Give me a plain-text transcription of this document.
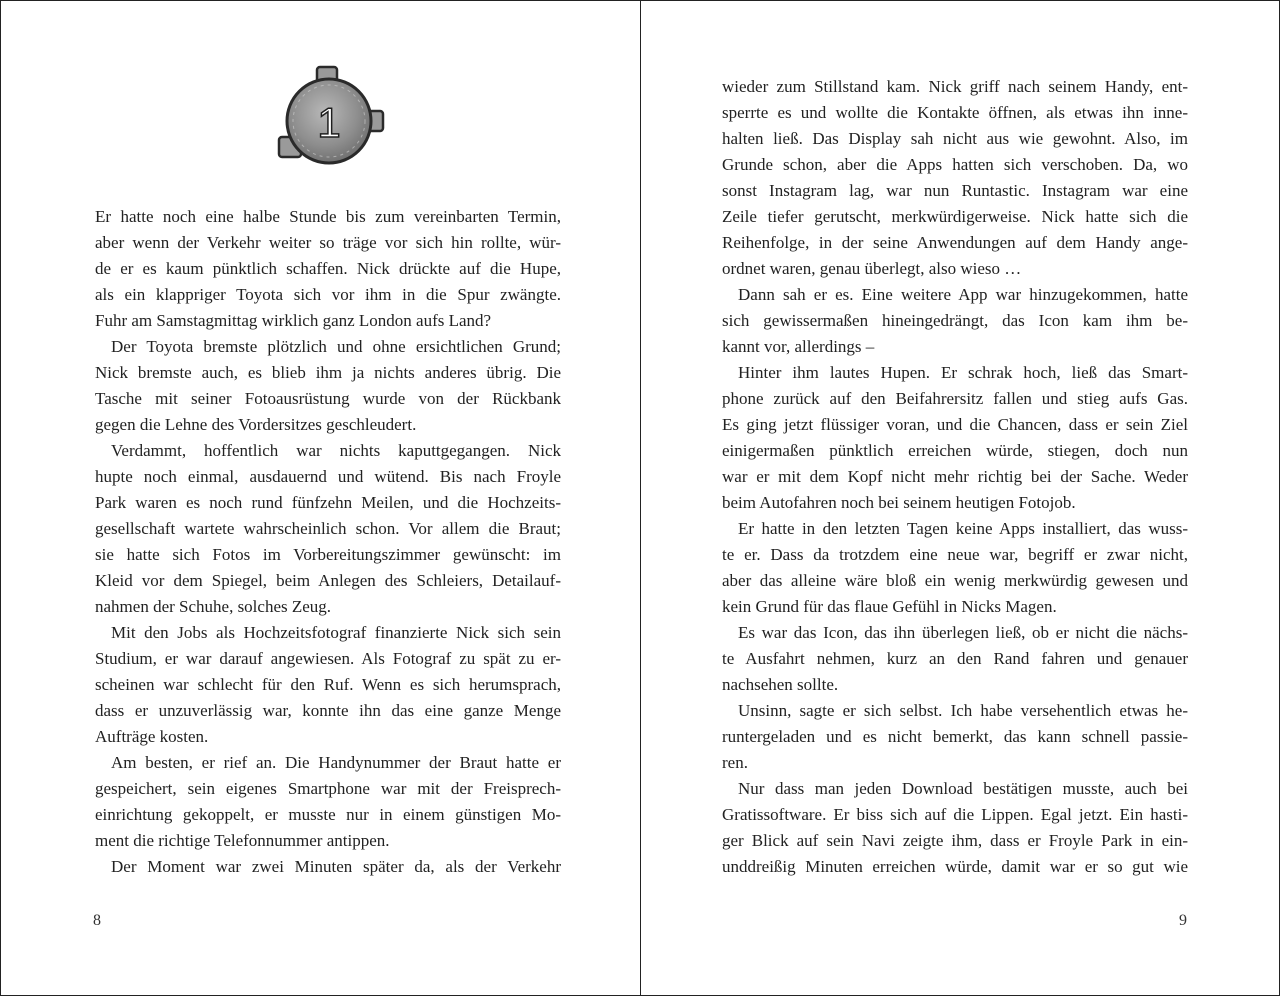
1
Er hatte noch eine halbe Stunde bis zum vereinbarten Termin,
aber wenn der Verkehr weiter so träge vor sich hin rollte, wür-
de er es kaum pünktlich schaffen. Nick drückte auf die Hupe,
als ein klappriger Toyota sich vor ihm in die Spur zwängte.
Fuhr am Samstagmittag wirklich ganz London aufs Land?
Der Toyota bremste plötzlich und ohne ersichtlichen Grund;
Nick bremste auch, es blieb ihm ja nichts anderes übrig. Die
Tasche mit seiner Fotoausrüstung wurde von der Rückbank
gegen die Lehne des Vordersitzes geschleudert.
Verdammt, hoffentlich war nichts kaputtgegangen. Nick
hupte noch einmal, ausdauernd und wütend. Bis nach Froyle
Park waren es noch rund fünfzehn Meilen, und die Hochzeits-
gesellschaft wartete wahrscheinlich schon. Vor allem die Braut;
sie hatte sich Fotos im Vorbereitungszimmer gewünscht: im
Kleid vor dem Spiegel, beim Anlegen des Schleiers, Detailauf-
nahmen der Schuhe, solches Zeug.
Mit den Jobs als Hochzeitsfotograf finanzierte Nick sich sein
Studium, er war darauf angewiesen. Als Fotograf zu spät zu er-
scheinen war schlecht für den Ruf. Wenn es sich herumsprach,
dass er unzuverlässig war, konnte ihn das eine ganze Menge
Aufträge kosten.
Am besten, er rief an. Die Handynummer der Braut hatte er
gespeichert, sein eigenes Smartphone war mit der Freisprech-
einrichtung gekoppelt, er musste nur in einem günstigen Mo-
ment die richtige Telefonnummer antippen.
Der Moment war zwei Minuten später da, als der Verkehr
8
wieder zum Stillstand kam. Nick griff nach seinem Handy, ent-
sperrte es und wollte die Kontakte öffnen, als etwas ihn inne-
halten ließ. Das Display sah nicht aus wie gewohnt. Also, im
Grunde schon, aber die Apps hatten sich verschoben. Da, wo
sonst Instagram lag, war nun Runtastic. Instagram war eine
Zeile tiefer gerutscht, merkwürdigerweise. Nick hatte sich die
Reihenfolge, in der seine Anwendungen auf dem Handy ange-
ordnet waren, genau überlegt, also wieso …
Dann sah er es. Eine weitere App war hinzugekommen, hatte
sich gewissermaßen hineingedrängt, das Icon kam ihm be-
kannt vor, allerdings –
Hinter ihm lautes Hupen. Er schrak hoch, ließ das Smart-
phone zurück auf den Beifahrersitz fallen und stieg aufs Gas.
Es ging jetzt flüssiger voran, und die Chancen, dass er sein Ziel
einigermaßen pünktlich erreichen würde, stiegen, doch nun
war er mit dem Kopf nicht mehr richtig bei der Sache. Weder
beim Autofahren noch bei seinem heutigen Fotojob.
Er hatte in den letzten Tagen keine Apps installiert, das wuss-
te er. Dass da trotzdem eine neue war, begriff er zwar nicht,
aber das alleine wäre bloß ein wenig merkwürdig gewesen und
kein Grund für das flaue Gefühl in Nicks Magen.
Es war das Icon, das ihn überlegen ließ, ob er nicht die nächs-
te Ausfahrt nehmen, kurz an den Rand fahren und genauer
nachsehen sollte.
Unsinn, sagte er sich selbst. Ich habe versehentlich etwas he-
runtergeladen und es nicht bemerkt, das kann schnell passie-
ren.
Nur dass man jeden Download bestätigen musste, auch bei
Gratissoftware. Er biss sich auf die Lippen. Egal jetzt. Ein hasti-
ger Blick auf sein Navi zeigte ihm, dass er Froyle Park in ein-
unddreißig Minuten erreichen würde, damit war er so gut wie
9
